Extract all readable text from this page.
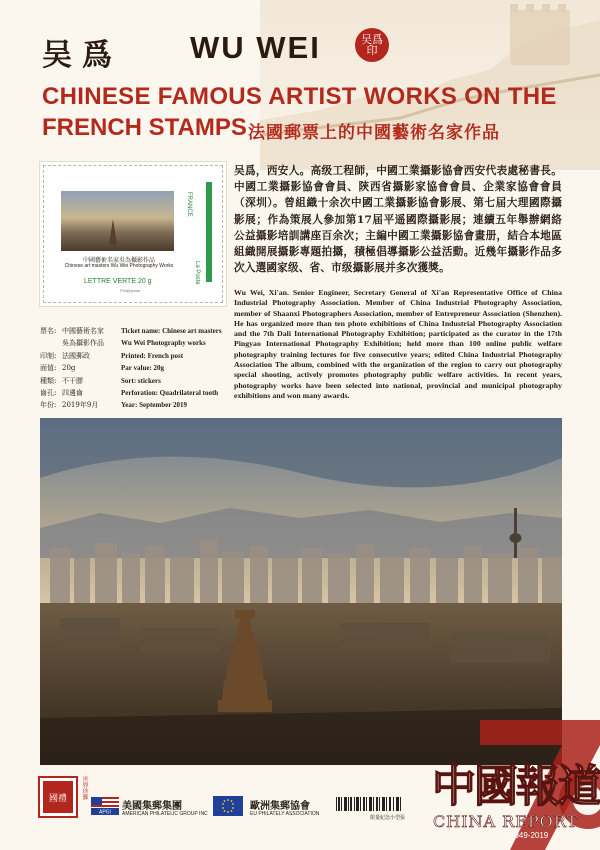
吴爲 WU WEI	吴爲 印
CHINESE FAMOUS ARTIST WORKS ON THE
FRENCH STAMPS 法國郵票上的中國藝術名家作品
FRANCE
La Poste
中國藝術名家吳為攝影作品
Chinese art masters Wu Wei Photography Works
LETTRE VERTE 20 g
Phil@poste
票名: 中國藝術名家	Ticket name: Chinese art masters
吳為攝影作品	Wu Wei Photography works
印制: 法國郵政	Printed: French post
面值: 20g	Par value: 20g
種類: 不干膠	Sort: stickers
齒孔: 四邊齒	Perforation: Quadrilateral tooth
年份: 2019年9月	Year: September 2019
吴爲，西安人。高级工程師，中國工業攝影協會西安代表處秘書長。中國工業攝影協會會員、陝西省攝影家協會會員、企業家協會會員（深圳）。曾組織十余次中國工業攝影協會影展、第七届大理國際攝影展；作為策展人參加第17届平遥國際攝影展；連續五年舉辦網絡公益攝影培訓講座百余次；主編中國工業攝影協會畫册，結合本地區組織開展攝影專題拍攝，積極倡導攝影公益活動。近幾年攝影作品多次入選國家级、省、市级攝影展并多次獲獎。
Wu Wei, Xi'an. Senior Engineer, Secretary General of Xi'an Representative Office of China Industrial Photography Association. Member of China Industrial Photography Association, member of Shaanxi Photographers Association, member of Entrepreneur Association (Shenzhen). He has organized more than ten photo exhibitions of China Industrial Photography Association and the 7th Dali International Photography Exhibition; participated as the curator in the 17th Pingyao International Photography Exhibition; held more than 100 online public welfare photography training lectures for five consecutive years; edited China Industrial Photography Association The album, combined with the organization of the region to carry out photography special shooting, actively promotes photography public welfare activities. In recent years, photography works have been selected into national, provincial and municipal photography exhibitions and won many awards.
國禮	世界珍郵
APGI
美國集郵集團
AMERICAN PHILATELIC GROUP INC
歐洲集郵協會
EU PHILATELY ASSOCIATION
限量紀念小型張
中國報道
CHINA REPORT
1949-2019
